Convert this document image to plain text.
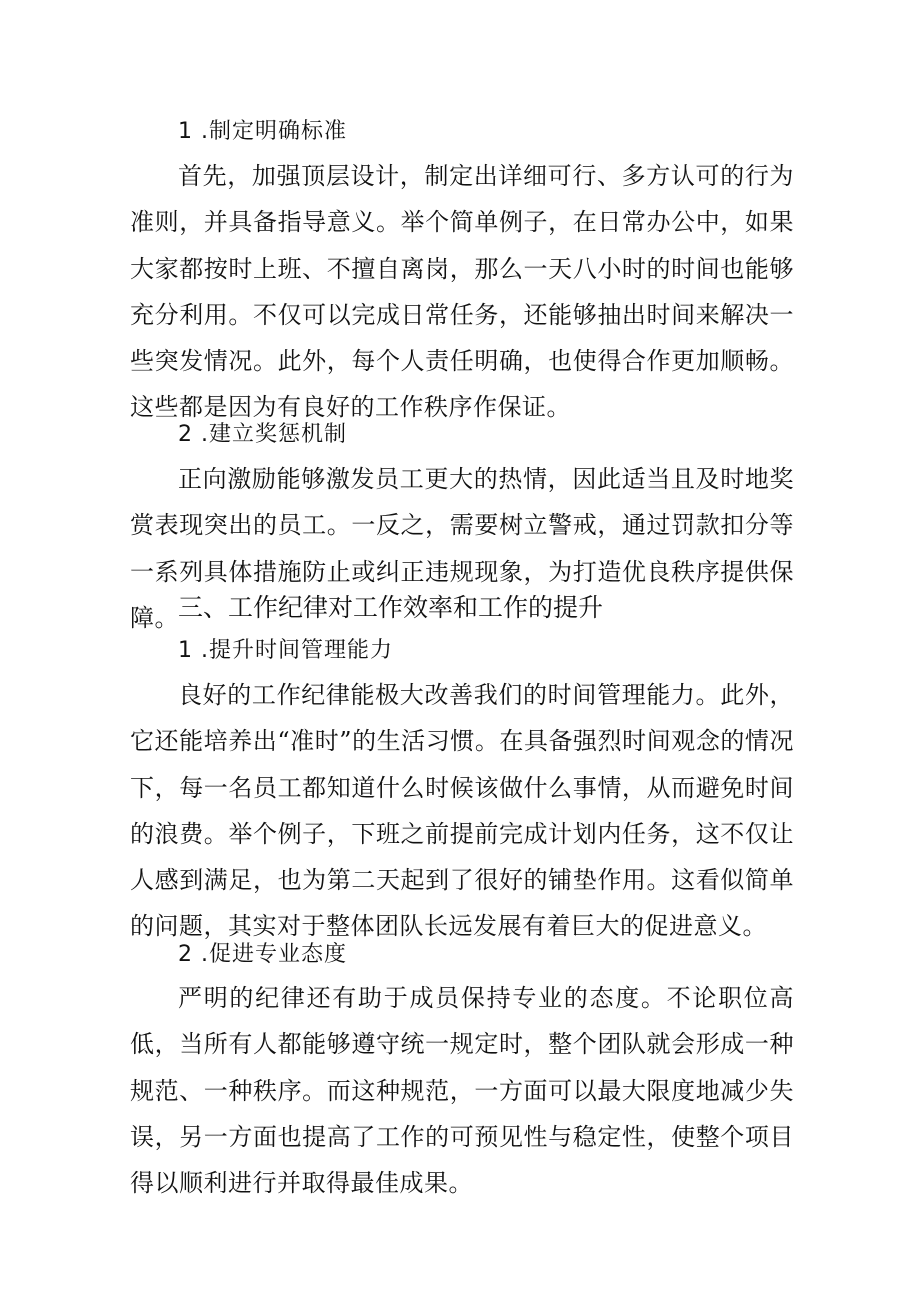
1 .制定明确标准
首先，加强顶层设计，制定出详细可行、多方认可的行为准则，并具备指导意义。举个简单例子，在日常办公中，如果大家都按时上班、不擅自离岗，那么一天八小时的时间也能够充分利用。不仅可以完成日常任务，还能够抽出时间来解决一些突发情况。此外，每个人责任明确，也使得合作更加顺畅。这些都是因为有良好的工作秩序作保证。
2 .建立奖惩机制
正向激励能够激发员工更大的热情，因此适当且及时地奖赏表现突出的员工。一反之，需要树立警戒，通过罚款扣分等一系列具体措施防止或纠正违规现象，为打造优良秩序提供保障。 三、工作纪律对工作效率和工作的提升
1 .提升时间管理能力
良好的工作纪律能极大改善我们的时间管理能力。此外，它还能培养出“准时”的生活习惯。在具备强烈时间观念的情况下，每一名员工都知道什么时候该做什么事情，从而避免时间的浪费。举个例子，下班之前提前完成计划内任务，这不仅让人感到满足，也为第二天起到了很好的铺垫作用。这看似简单的问题，其实对于整体团队长远发展有着巨大的促进意义。
2 .促进专业态度
严明的纪律还有助于成员保持专业的态度。不论职位高低，当所有人都能够遵守统一规定时，整个团队就会形成一种规范、一种秩序。而这种规范，一方面可以最大限度地减少失误，另一方面也提高了工作的可预见性与稳定性，使整个项目得以顺利进行并取得最佳成果。
